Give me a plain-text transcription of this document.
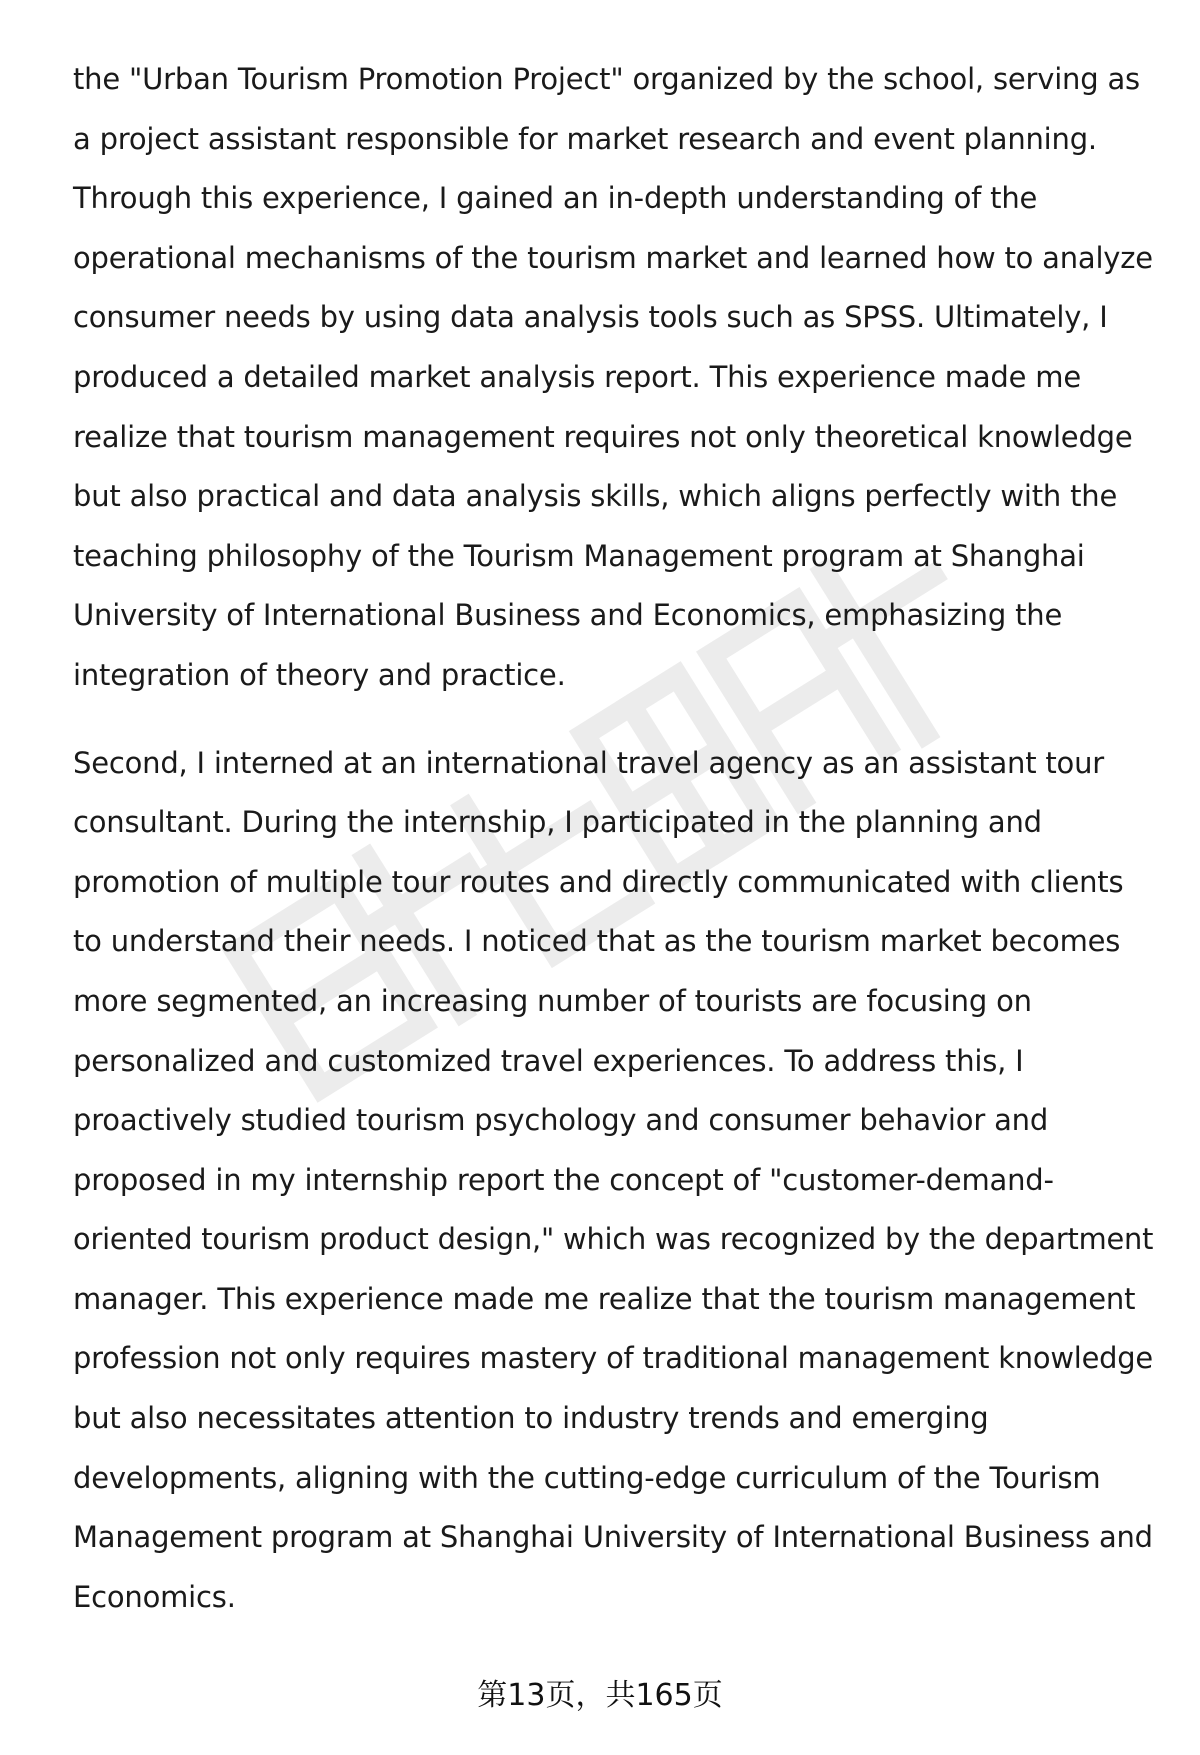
the "Urban Tourism Promotion Project" organized by the school, serving as
a project assistant responsible for market research and event planning.
Through this experience, I gained an in-depth understanding of the
operational mechanisms of the tourism market and learned how to analyze
consumer needs by using data analysis tools such as SPSS. Ultimately, I
produced a detailed market analysis report. This experience made me
realize that tourism management requires not only theoretical knowledge
but also practical and data analysis skills, which aligns perfectly with the
teaching philosophy of the Tourism Management program at Shanghai
University of International Business and Economics, emphasizing the
integration of theory and practice.

Second, I interned at an international travel agency as an assistant tour
consultant. During the internship, I participated in the planning and
promotion of multiple tour routes and directly communicated with clients
to understand their needs. I noticed that as the tourism market becomes
more segmented, an increasing number of tourists are focusing on
personalized and customized travel experiences. To address this, I
proactively studied tourism psychology and consumer behavior and
proposed in my internship report the concept of "customer-demand-
oriented tourism product design," which was recognized by the department
manager. This experience made me realize that the tourism management
profession not only requires mastery of traditional management knowledge
but also necessitates attention to industry trends and emerging
developments, aligning with the cutting-edge curriculum of the Tourism
Management program at Shanghai University of International Business and
Economics.

第13页，共165页
